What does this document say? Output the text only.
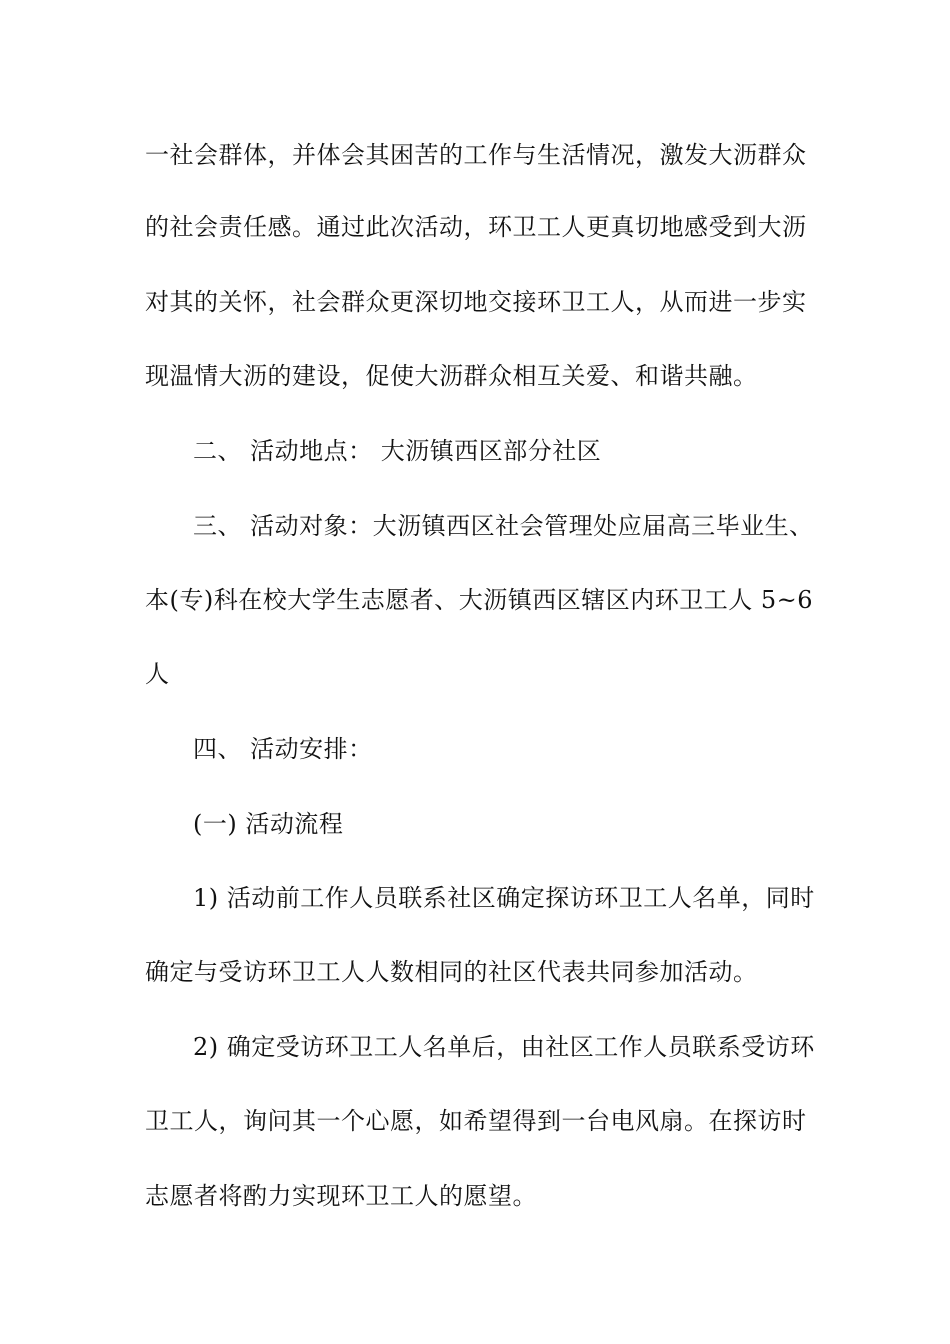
一社会群体，并体会其困苦的工作与生活情况，激发大沥群众
的社会责任感。通过此次活动，环卫工人更真切地感受到大沥
对其的关怀，社会群众更深切地交接环卫工人，从而进一步实
现温情大沥的建设，促使大沥群众相互关爱、和谐共融。
二、 活动地点： 大沥镇西区部分社区
三、 活动对象：大沥镇西区社会管理处应届高三毕业生、
本(专)科在校大学生志愿者、大沥镇西区辖区内环卫工人 5~6
人
四、 活动安排：
(一) 活动流程
1) 活动前工作人员联系社区确定探访环卫工人名单，同时
确定与受访环卫工人人数相同的社区代表共同参加活动。
2) 确定受访环卫工人名单后，由社区工作人员联系受访环
卫工人，询问其一个心愿，如希望得到一台电风扇。在探访时
志愿者将酌力实现环卫工人的愿望。
